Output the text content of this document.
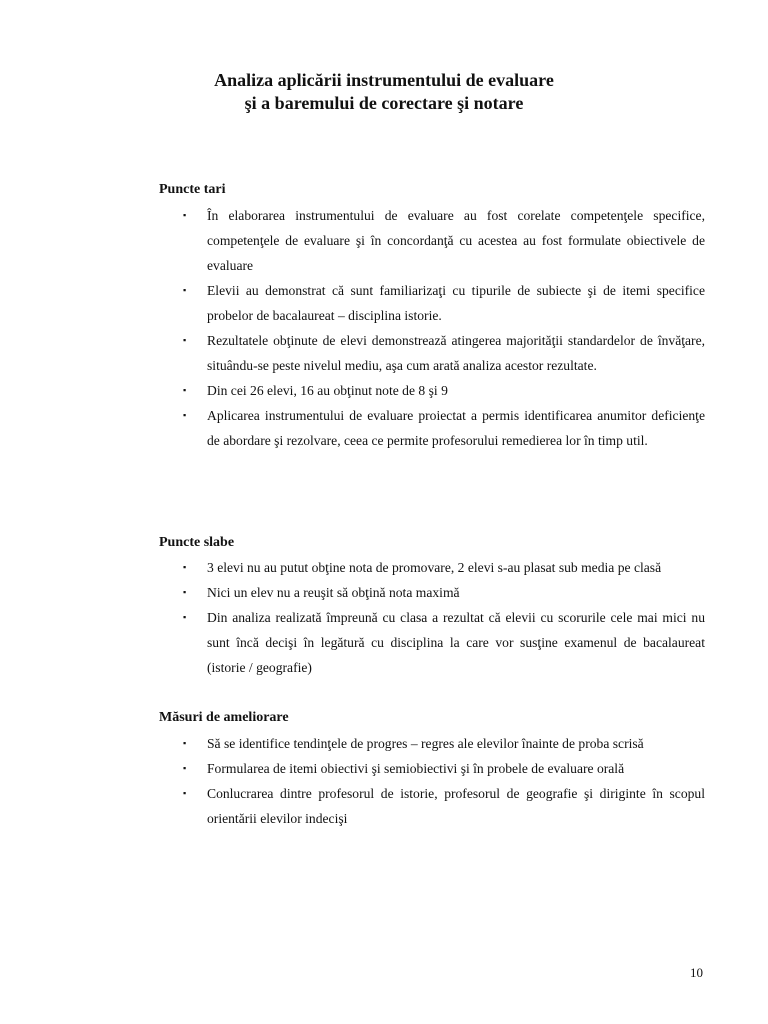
Analiza aplicării instrumentului de evaluare
şi a baremului de corectare şi notare
Puncte tari
▪ În elaborarea instrumentului de evaluare au fost corelate competenţele specifice, competenţele de evaluare şi în concordanţă cu acestea au fost formulate obiectivele de evaluare
▪ Elevii au demonstrat că sunt familiarizaţi cu tipurile de subiecte şi de itemi specifice probelor de bacalaureat – disciplina istorie.
▪ Rezultatele obţinute de elevi demonstrează atingerea majorităţii standardelor de învăţare, situându-se peste nivelul mediu, aşa cum arată analiza acestor rezultate.
▪ Din cei 26 elevi, 16 au obţinut note de 8 şi 9
▪ Aplicarea instrumentului de evaluare proiectat a permis identificarea anumitor deficienţe de abordare şi rezolvare, ceea ce permite profesorului remedierea lor în timp util.
Puncte slabe
▪ 3 elevi nu au putut obţine nota de promovare, 2 elevi s-au plasat sub media pe clasă
▪ Nici un elev nu a reuşit să obţină nota maximă
▪ Din analiza realizată împreună cu clasa a rezultat că elevii cu scorurile cele mai mici nu sunt încă decişi în legătură cu disciplina la care vor susţine examenul de bacalaureat (istorie / geografie)
Măsuri de ameliorare
▪ Să se identifice tendinţele de progres – regres ale elevilor înainte de proba scrisă
▪ Formularea de itemi obiectivi şi semiobiectivi şi în probele de evaluare orală
▪ Conlucrarea dintre profesorul de istorie, profesorul de geografie şi diriginte în scopul orientării elevilor indecişi
10
